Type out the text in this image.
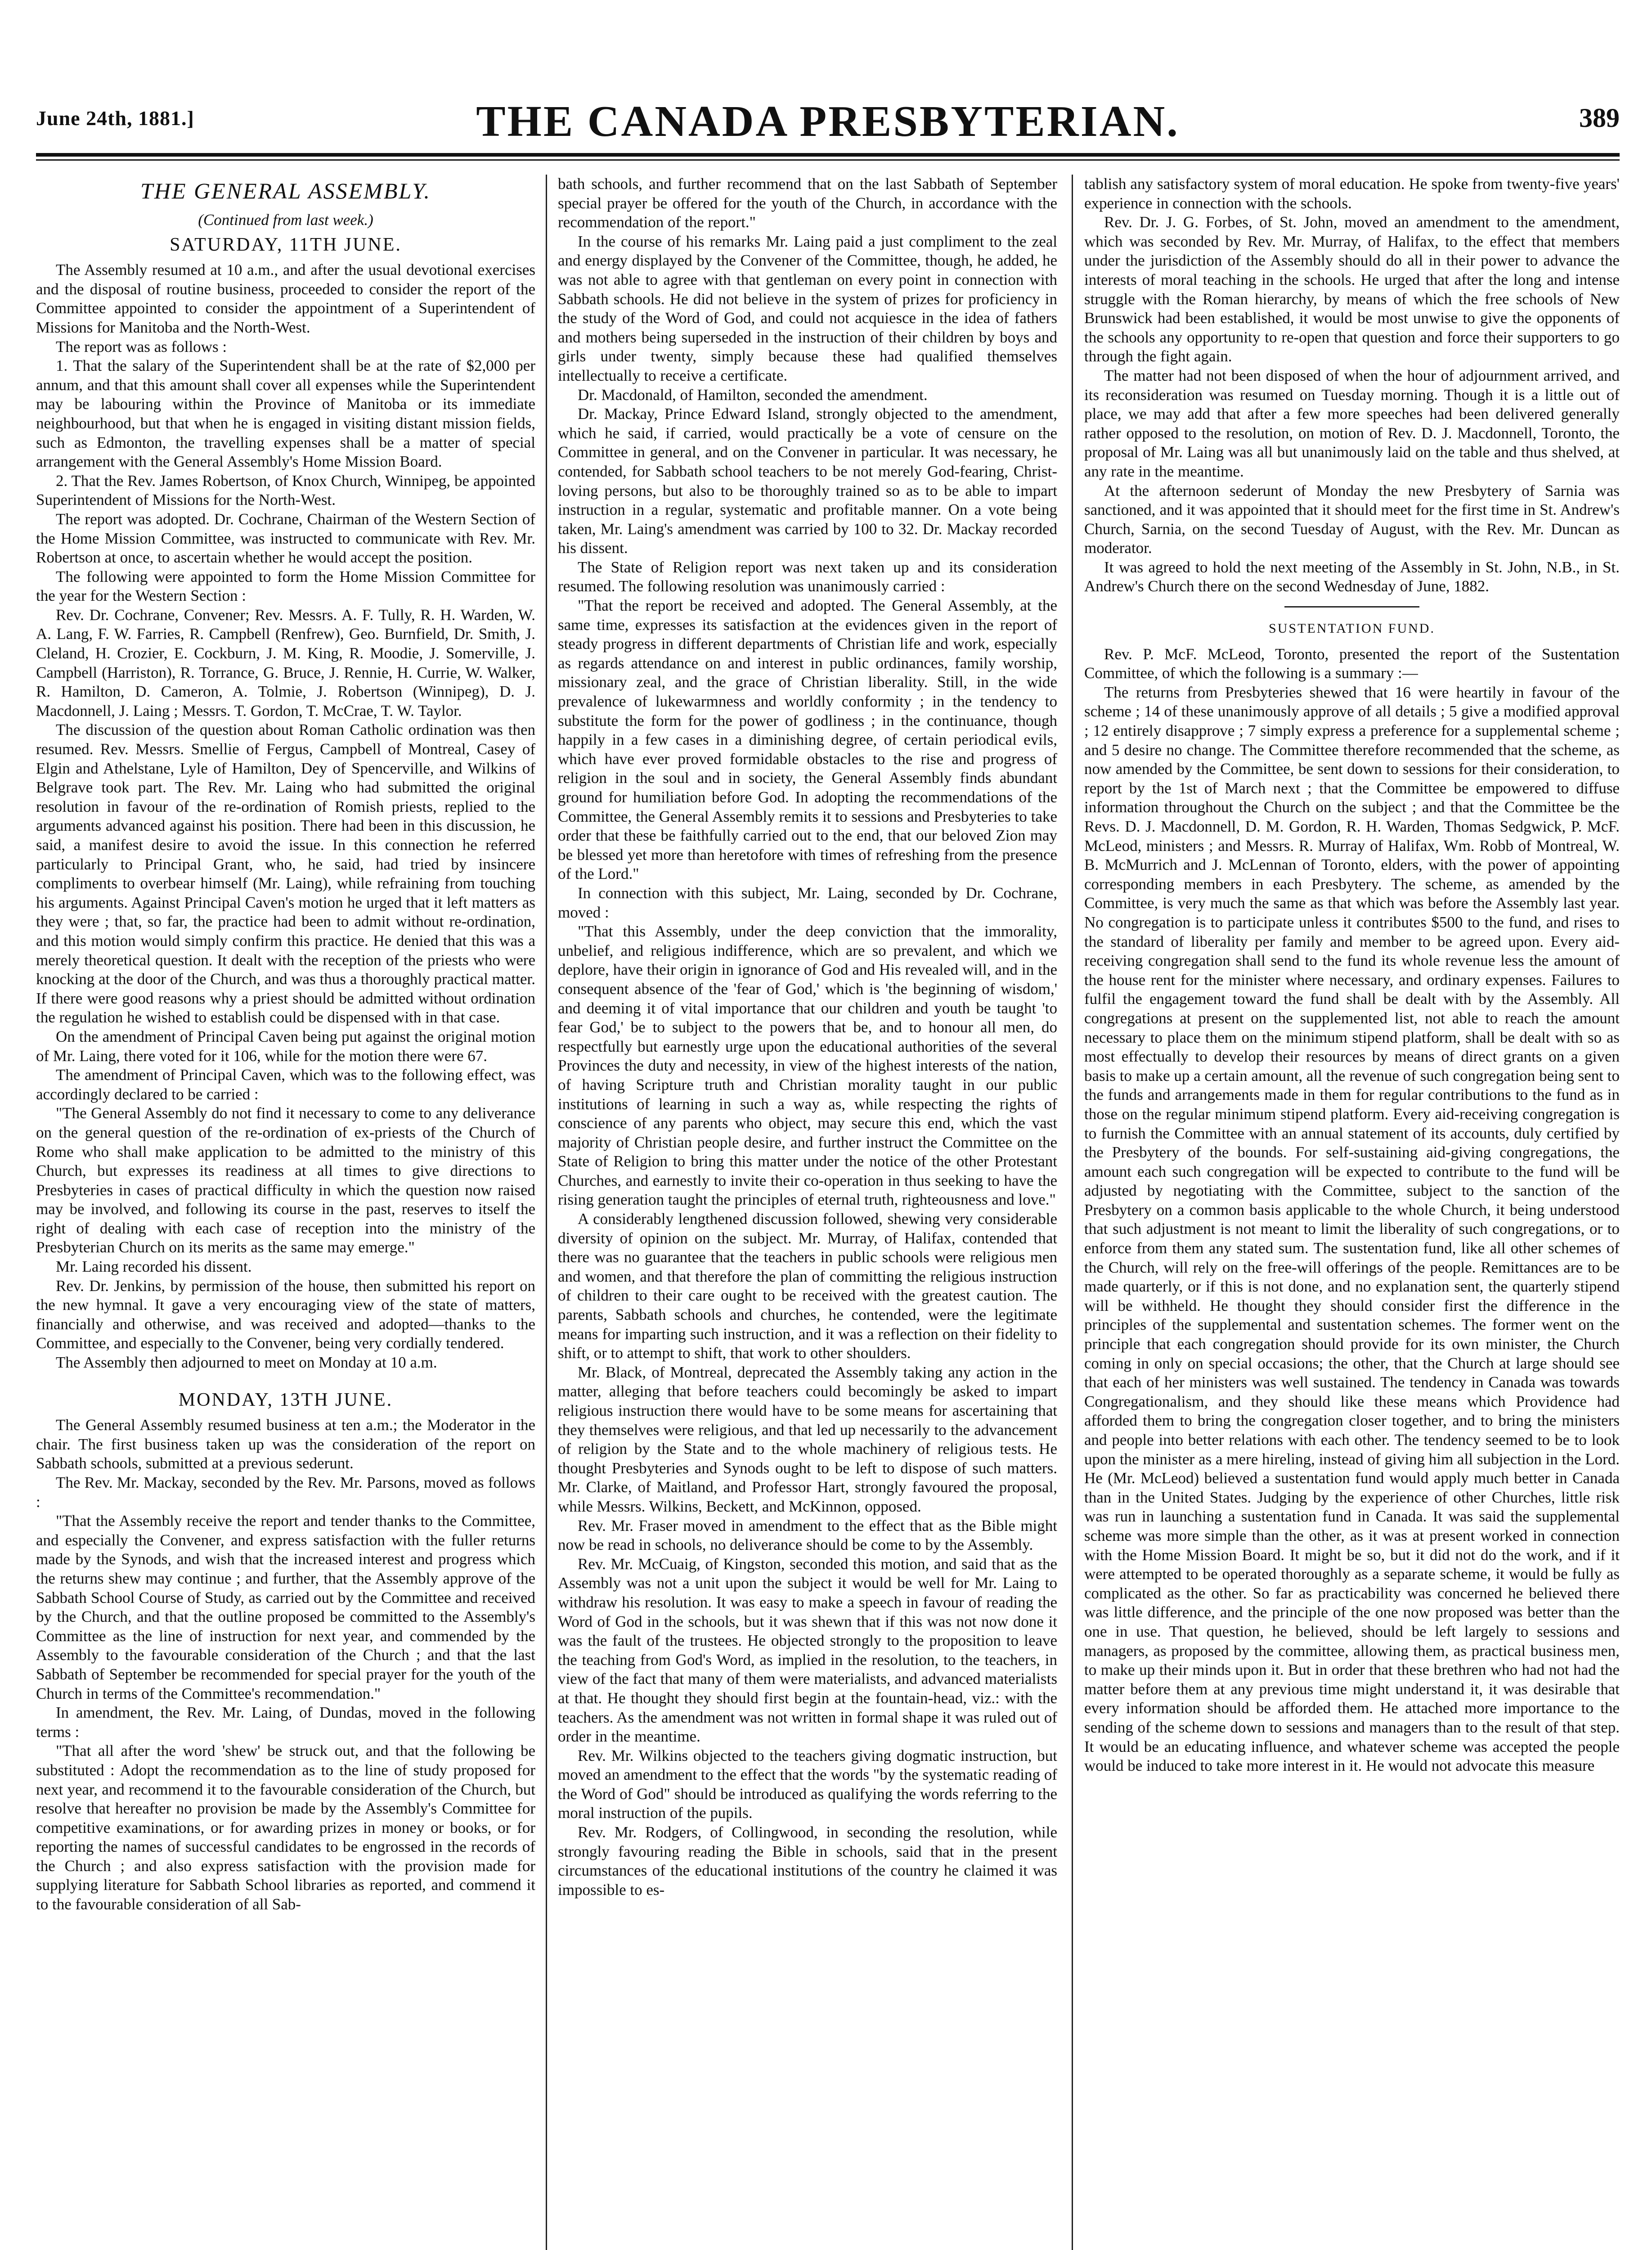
June 24th, 1881.]	THE CANADA PRESBYTERIAN.	389
THE GENERAL ASSEMBLY.
(Continued from last week.)
SATURDAY, 11TH JUNE.

The Assembly resumed at 10 a.m., and after the usual devotional exercises and the disposal of routine business, proceeded to consider the report of the Committee appointed to consider the appointment of a Superintendent of Missions for Manitoba and the North-West.

The report was as follows :

1. That the salary of the Superintendent shall be at the rate of $2,000 per annum, and that this amount shall cover all expenses while the Superintendent may be labouring within the Province of Manitoba or its immediate neighbourhood, but that when he is engaged in visiting distant mission fields, such as Edmonton, the travelling expenses shall be a matter of special arrangement with the General Assembly's Home Mission Board.

2. That the Rev. James Robertson, of Knox Church, Winnipeg, be appointed Superintendent of Missions for the North-West.

The report was adopted. Dr. Cochrane, Chairman of the Western Section of the Home Mission Committee, was instructed to communicate with Rev. Mr. Robertson at once, to ascertain whether he would accept the position.

The following were appointed to form the Home Mission Committee for the year for the Western Section :

Rev. Dr. Cochrane, Convener; Rev. Messrs. A. F. Tully, R. H. Warden, W. A. Lang, F. W. Farries, R. Campbell (Renfrew), Geo. Burnfield, Dr. Smith, J. Cleland, H. Crozier, E. Cockburn, J. M. King, R. Moodie, J. Somerville, J. Campbell (Harriston), R. Torrance, G. Bruce, J. Rennie, H. Currie, W. Walker, R. Hamilton, D. Cameron, A. Tolmie, J. Robertson (Winnipeg), D. J. Macdonnell, J. Laing ; Messrs. T. Gordon, T. McCrae, T. W. Taylor.

The discussion of the question about Roman Catholic ordination was then resumed. Rev. Messrs. Smellie of Fergus, Campbell of Montreal, Casey of Elgin and Athelstane, Lyle of Hamilton, Dey of Spencerville, and Wilkins of Belgrave took part. The Rev. Mr. Laing who had submitted the original resolution in favour of the re-ordination of Romish priests, replied to the arguments advanced against his position. There had been in this discussion, he said, a manifest desire to avoid the issue. In this connection he referred particularly to Principal Grant, who, he said, had tried by insincere compliments to overbear himself (Mr. Laing), while refraining from touching his arguments. Against Principal Caven's motion he urged that it left matters as they were ; that, so far, the practice had been to admit without re-ordination, and this motion would simply confirm this practice. He denied that this was a merely theoretical question. It dealt with the reception of the priests who were knocking at the door of the Church, and was thus a thoroughly practical matter. If there were good reasons why a priest should be admitted without ordination the regulation he wished to establish could be dispensed with in that case.

On the amendment of Principal Caven being put against the original motion of Mr. Laing, there voted for it 106, while for the motion there were 67.

The amendment of Principal Caven, which was to the following effect, was accordingly declared to be carried :

"The General Assembly do not find it necessary to come to any deliverance on the general question of the re-ordination of ex-priests of the Church of Rome who shall make application to be admitted to the ministry of this Church, but expresses its readiness at all times to give directions to Presbyteries in cases of practical difficulty in which the question now raised may be involved, and following its course in the past, reserves to itself the right of dealing with each case of reception into the ministry of the Presbyterian Church on its merits as the same may emerge."

Mr. Laing recorded his dissent.

Rev. Dr. Jenkins, by permission of the house, then submitted his report on the new hymnal. It gave a very encouraging view of the state of matters, financially and otherwise, and was received and adopted—thanks to the Committee, and especially to the Convener, being very cordially tendered.

The Assembly then adjourned to meet on Monday at 10 a.m.

MONDAY, 13TH JUNE.

The General Assembly resumed business at ten a.m.; the Moderator in the chair. The first business taken up was the consideration of the report on Sabbath schools, submitted at a previous sederunt.

The Rev. Mr. Mackay, seconded by the Rev. Mr. Parsons, moved as follows :

"That the Assembly receive the report and tender thanks to the Committee, and especially the Convener, and express satisfaction with the fuller returns made by the Synods, and wish that the increased interest and progress which the returns shew may continue ; and further, that the Assembly approve of the Sabbath School Course of Study, as carried out by the Committee and received by the Church, and that the outline proposed be committed to the Assembly's Committee as the line of instruction for next year, and commended by the Assembly to the favourable consideration of the Church ; and that the last Sabbath of September be recommended for special prayer for the youth of the Church in terms of the Committee's recommendation."

In amendment, the Rev. Mr. Laing, of Dundas, moved in the following terms :

"That all after the word 'shew' be struck out, and that the following be substituted : Adopt the recommendation as to the line of study proposed for next year, and recommend it to the favourable consideration of the Church, but resolve that hereafter no provision be made by the Assembly's Committee for competitive examinations, or for awarding prizes in money or books, or for reporting the names of successful candidates to be engrossed in the records of the Church ; and also express satisfaction with the provision made for supplying literature for Sabbath School libraries as reported, and commend it to the favourable consideration of all Sab-

bath schools, and further recommend that on the last Sabbath of September special prayer be offered for the youth of the Church, in accordance with the recommendation of the report."

In the course of his remarks Mr. Laing paid a just compliment to the zeal and energy displayed by the Convener of the Committee, though, he added, he was not able to agree with that gentleman on every point in connection with Sabbath schools. He did not believe in the system of prizes for proficiency in the study of the Word of God, and could not acquiesce in the idea of fathers and mothers being superseded in the instruction of their children by boys and girls under twenty, simply because these had qualified themselves intellectually to receive a certificate.

Dr. Macdonald, of Hamilton, seconded the amendment.

Dr. Mackay, Prince Edward Island, strongly objected to the amendment, which he said, if carried, would practically be a vote of censure on the Committee in general, and on the Convener in particular. It was necessary, he contended, for Sabbath school teachers to be not merely God-fearing, Christ-loving persons, but also to be thoroughly trained so as to be able to impart instruction in a regular, systematic and profitable manner. On a vote being taken, Mr. Laing's amendment was carried by 100 to 32. Dr. Mackay recorded his dissent.

The State of Religion report was next taken up and its consideration resumed. The following resolution was unanimously carried :

"That the report be received and adopted. The General Assembly, at the same time, expresses its satisfaction at the evidences given in the report of steady progress in different departments of Christian life and work, especially as regards attendance on and interest in public ordinances, family worship, missionary zeal, and the grace of Christian liberality. Still, in the wide prevalence of lukewarmness and worldly conformity ; in the tendency to substitute the form for the power of godliness ; in the continuance, though happily in a few cases in a diminishing degree, of certain periodical evils, which have ever proved formidable obstacles to the rise and progress of religion in the soul and in society, the General Assembly finds abundant ground for humiliation before God. In adopting the recommendations of the Committee, the General Assembly remits it to sessions and Presbyteries to take order that these be faithfully carried out to the end, that our beloved Zion may be blessed yet more than heretofore with times of refreshing from the presence of the Lord."

In connection with this subject, Mr. Laing, seconded by Dr. Cochrane, moved :

"That this Assembly, under the deep conviction that the immorality, unbelief, and religious indifference, which are so prevalent, and which we deplore, have their origin in ignorance of God and His revealed will, and in the consequent absence of the 'fear of God,' which is 'the beginning of wisdom,' and deeming it of vital importance that our children and youth be taught 'to fear God,' be to subject to the powers that be, and to honour all men, do respectfully but earnestly urge upon the educational authorities of the several Provinces the duty and necessity, in view of the highest interests of the nation, of having Scripture truth and Christian morality taught in our public institutions of learning in such a way as, while respecting the rights of conscience of any parents who object, may secure this end, which the vast majority of Christian people desire, and further instruct the Committee on the State of Religion to bring this matter under the notice of the other Protestant Churches, and earnestly to invite their co-operation in thus seeking to have the rising generation taught the principles of eternal truth, righteousness and love."

A considerably lengthened discussion followed, shewing very considerable diversity of opinion on the subject. Mr. Murray, of Halifax, contended that there was no guarantee that the teachers in public schools were religious men and women, and that therefore the plan of committing the religious instruction of children to their care ought to be received with the greatest caution. The parents, Sabbath schools and churches, he contended, were the legitimate means for imparting such instruction, and it was a reflection on their fidelity to shift, or to attempt to shift, that work to other shoulders.

Mr. Black, of Montreal, deprecated the Assembly taking any action in the matter, alleging that before teachers could becomingly be asked to impart religious instruction there would have to be some means for ascertaining that they themselves were religious, and that led up necessarily to the advancement of religion by the State and to the whole machinery of religious tests. He thought Presbyteries and Synods ought to be left to dispose of such matters. Mr. Clarke, of Maitland, and Professor Hart, strongly favoured the proposal, while Messrs. Wilkins, Beckett, and McKinnon, opposed.

Rev. Mr. Fraser moved in amendment to the effect that as the Bible might now be read in schools, no deliverance should be come to by the Assembly.

Rev. Mr. McCuaig, of Kingston, seconded this motion, and said that as the Assembly was not a unit upon the subject it would be well for Mr. Laing to withdraw his resolution. It was easy to make a speech in favour of reading the Word of God in the schools, but it was shewn that if this was not now done it was the fault of the trustees. He objected strongly to the proposition to leave the teaching from God's Word, as implied in the resolution, to the teachers, in view of the fact that many of them were materialists, and advanced materialists at that. He thought they should first begin at the fountain-head, viz.: with the teachers. As the amendment was not written in formal shape it was ruled out of order in the meantime.

Rev. Mr. Wilkins objected to the teachers giving dogmatic instruction, but moved an amendment to the effect that the words "by the systematic reading of the Word of God" should be introduced as qualifying the words referring to the moral instruction of the pupils.

Rev. Mr. Rodgers, of Collingwood, in seconding the resolution, while strongly favouring reading the Bible in schools, said that in the present circumstances of the educational institutions of the country he claimed it was impossible to es-

tablish any satisfactory system of moral education. He spoke from twenty-five years' experience in connection with the schools.

Rev. Dr. J. G. Forbes, of St. John, moved an amendment to the amendment, which was seconded by Rev. Mr. Murray, of Halifax, to the effect that members under the jurisdiction of the Assembly should do all in their power to advance the interests of moral teaching in the schools. He urged that after the long and intense struggle with the Roman hierarchy, by means of which the free schools of New Brunswick had been established, it would be most unwise to give the opponents of the schools any opportunity to re-open that question and force their supporters to go through the fight again.

The matter had not been disposed of when the hour of adjournment arrived, and its reconsideration was resumed on Tuesday morning. Though it is a little out of place, we may add that after a few more speeches had been delivered generally rather opposed to the resolution, on motion of Rev. D. J. Macdonnell, Toronto, the proposal of Mr. Laing was all but unanimously laid on the table and thus shelved, at any rate in the meantime.

At the afternoon sederunt of Monday the new Presbytery of Sarnia was sanctioned, and it was appointed that it should meet for the first time in St. Andrew's Church, Sarnia, on the second Tuesday of August, with the Rev. Mr. Duncan as moderator.

It was agreed to hold the next meeting of the Assembly in St. John, N.B., in St. Andrew's Church there on the second Wednesday of June, 1882.

SUSTENTATION FUND.

Rev. P. McF. McLeod, Toronto, presented the report of the Sustentation Committee, of which the following is a summary :—

The returns from Presbyteries shewed that 16 were heartily in favour of the scheme ; 14 of these unanimously approve of all details ; 5 give a modified approval ; 12 entirely disapprove ; 7 simply express a preference for a supplemental scheme ; and 5 desire no change. The Committee therefore recommended that the scheme, as now amended by the Committee, be sent down to sessions for their consideration, to report by the 1st of March next ; that the Committee be empowered to diffuse information throughout the Church on the subject ; and that the Committee be the Revs. D. J. Macdonnell, D. M. Gordon, R. H. Warden, Thomas Sedgwick, P. McF. McLeod, ministers ; and Messrs. R. Murray of Halifax, Wm. Robb of Montreal, W. B. McMurrich and J. McLennan of Toronto, elders, with the power of appointing corresponding members in each Presbytery. The scheme, as amended by the Committee, is very much the same as that which was before the Assembly last year. No congregation is to participate unless it contributes $500 to the fund, and rises to the standard of liberality per family and member to be agreed upon. Every aid-receiving congregation shall send to the fund its whole revenue less the amount of the house rent for the minister where necessary, and ordinary expenses. Failures to fulfil the engagement toward the fund shall be dealt with by the Assembly. All congregations at present on the supplemented list, not able to reach the amount necessary to place them on the minimum stipend platform, shall be dealt with so as most effectually to develop their resources by means of direct grants on a given basis to make up a certain amount, all the revenue of such congregation being sent to the funds and arrangements made in them for regular contributions to the fund as in those on the regular minimum stipend platform. Every aid-receiving congregation is to furnish the Committee with an annual statement of its accounts, duly certified by the Presbytery of the bounds. For self-sustaining aid-giving congregations, the amount each such congregation will be expected to contribute to the fund will be adjusted by negotiating with the Committee, subject to the sanction of the Presbytery on a common basis applicable to the whole Church, it being understood that such adjustment is not meant to limit the liberality of such congregations, or to enforce from them any stated sum. The sustentation fund, like all other schemes of the Church, will rely on the free-will offerings of the people. Remittances are to be made quarterly, or if this is not done, and no explanation sent, the quarterly stipend will be withheld. He thought they should consider first the difference in the principles of the supplemental and sustentation schemes. The former went on the principle that each congregation should provide for its own minister, the Church coming in only on special occasions; the other, that the Church at large should see that each of her ministers was well sustained. The tendency in Canada was towards Congregationalism, and they should like these means which Providence had afforded them to bring the congregation closer together, and to bring the ministers and people into better relations with each other. The tendency seemed to be to look upon the minister as a mere hireling, instead of giving him all subjection in the Lord. He (Mr. McLeod) believed a sustentation fund would apply much better in Canada than in the United States. Judging by the experience of other Churches, little risk was run in launching a sustentation fund in Canada. It was said the supplemental scheme was more simple than the other, as it was at present worked in connection with the Home Mission Board. It might be so, but it did not do the work, and if it were attempted to be operated thoroughly as a separate scheme, it would be fully as complicated as the other. So far as practicability was concerned he believed there was little difference, and the principle of the one now proposed was better than the one in use. That question, he believed, should be left largely to sessions and managers, as proposed by the committee, allowing them, as practical business men, to make up their minds upon it. But in order that these brethren who had not had the matter before them at any previous time might understand it, it was desirable that every information should be afforded them. He attached more importance to the sending of the scheme down to sessions and managers than to the result of that step. It would be an educating influence, and whatever scheme was accepted the people would be induced to take more interest in it. He would not advocate this measure
